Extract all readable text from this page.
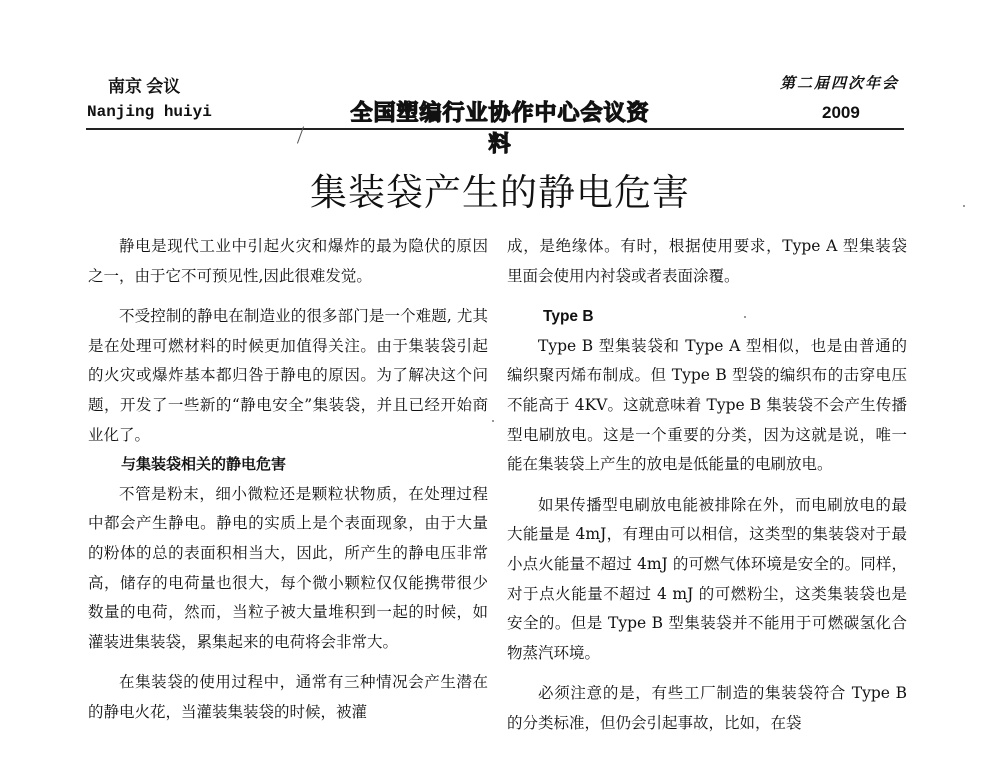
南京 会议
Nanjing huiyi	全国塑编行业协作中心会议资料
第二届四次年会
2009
集装袋产生的静电危害

静电是现代工业中引起火灾和爆炸的最为隐伏的原因之一，由于它不可预见性,因此很难发觉。

不受控制的静电在制造业的很多部门是一个难题, 尤其是在处理可燃材料的时候更加值得关注。由于集装袋引起的火灾或爆炸基本都归咎于静电的原因。为了解决这个问题，开发了一些新的“静电安全”集装袋，并且已经开始商业化了。

与集装袋相关的静电危害

不管是粉末，细小微粒还是颗粒状物质，在处理过程中都会产生静电。静电的实质上是个表面现象，由于大量的粉体的总的表面积相当大，因此，所产生的静电压非常高，储存的电荷量也很大，每个微小颗粒仅仅能携带很少数量的电荷，然而，当粒子被大量堆积到一起的时候，如灌装进集装袋，累集起来的电荷将会非常大。

在集装袋的使用过程中，通常有三种情况会产生潜在的静电火花，当灌装集装袋的时候，被灌

成，是绝缘体。有时，根据使用要求，Type A 型集装袋里面会使用内衬袋或者表面涂覆。

Type B

Type B 型集装袋和 Type A 型相似，也是由普通的编织聚丙烯布制成。但 Type B 型袋的编织布的击穿电压不能高于 4KV。这就意味着 Type B 集装袋不会产生传播型电刷放电。这是一个重要的分类，因为这就是说，唯一能在集装袋上产生的放电是低能量的电刷放电。

如果传播型电刷放电能被排除在外，而电刷放电的最大能量是 4mJ，有理由可以相信，这类型的集装袋对于最小点火能量不超过 4mJ 的可燃气体环境是安全的。同样，对于点火能量不超过 4 mJ 的可燃粉尘，这类集装袋也是安全的。但是 Type B 型集装袋并不能用于可燃碳氢化合物蒸汽环境。

必须注意的是，有些工厂制造的集装袋符合 Type B 的分类标准，但仍会引起事故，比如，在袋
